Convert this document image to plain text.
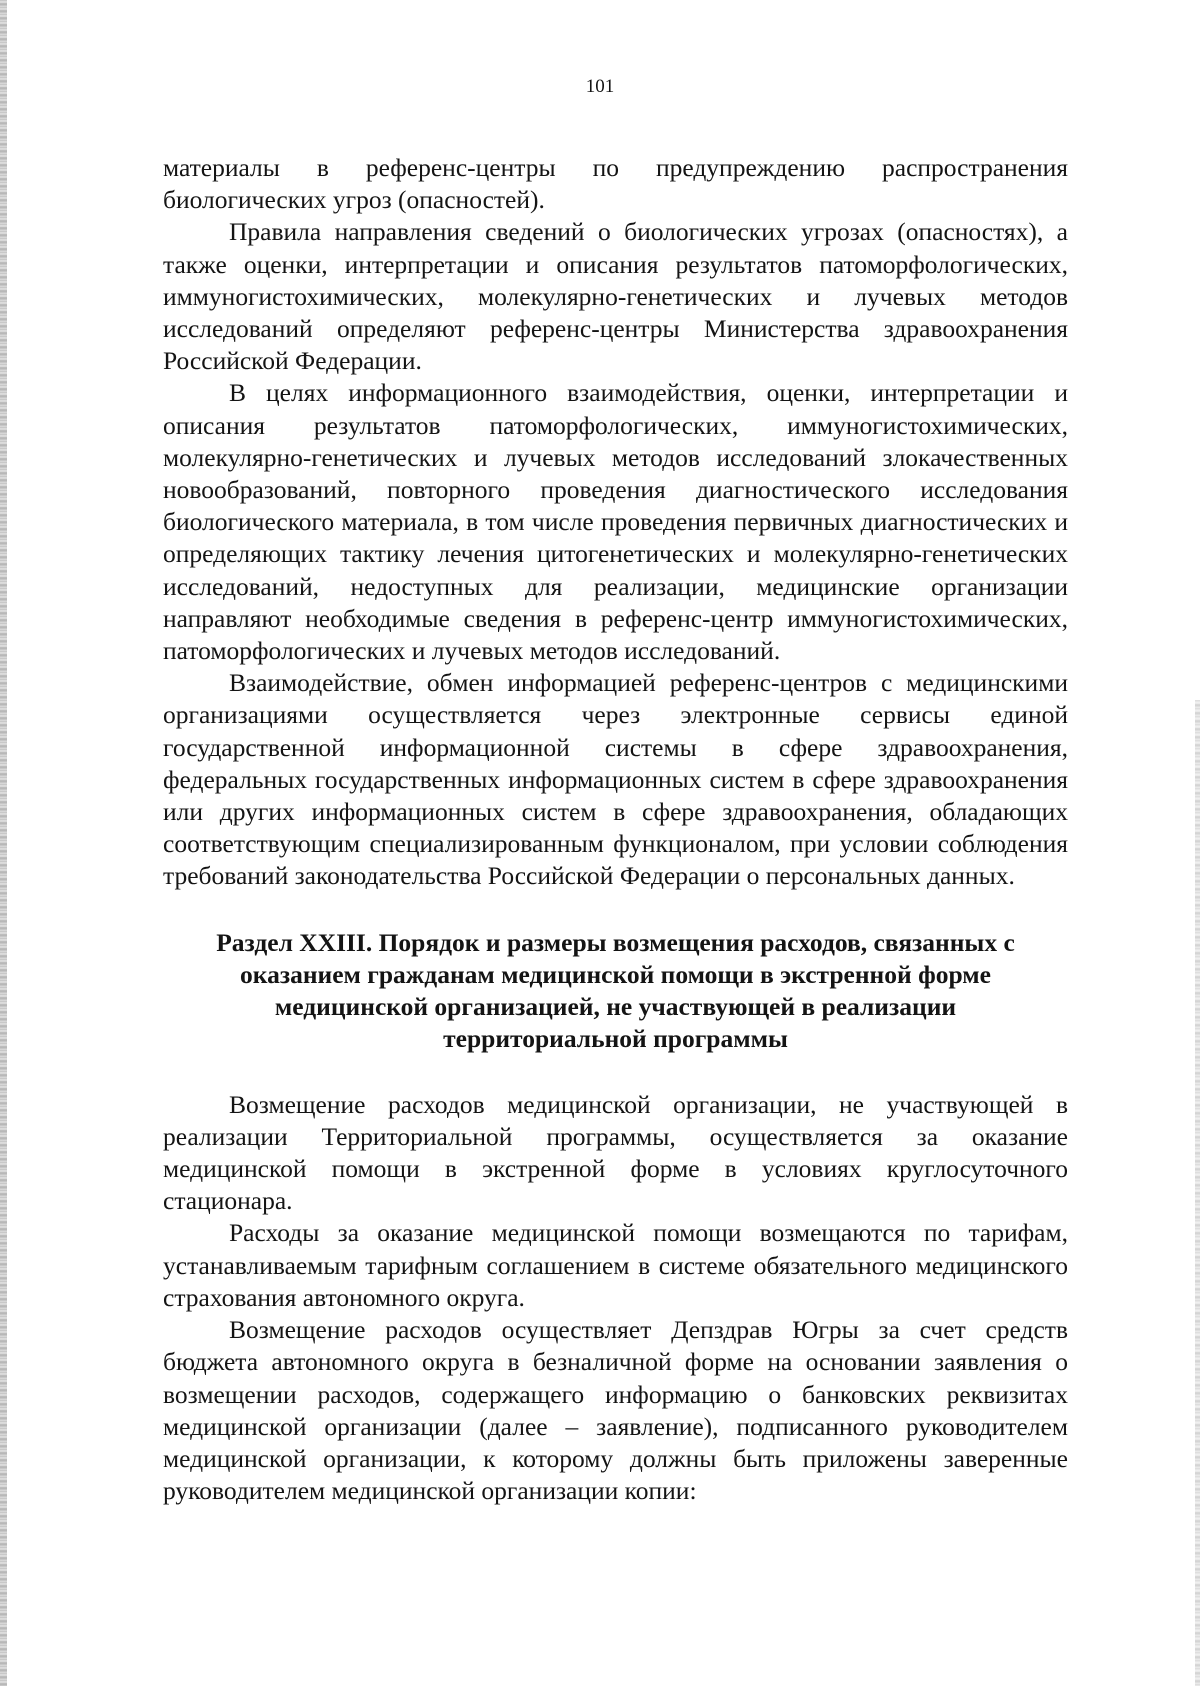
101

материалы в референс-центры по предупреждению распространения биологических угроз (опасностей).

Правила направления сведений о биологических угрозах (опасностях), а также оценки, интерпретации и описания результатов патоморфологических, иммуногистохимических, молекулярно-генетических и лучевых методов исследований определяют референс-центры Министерства здравоохранения Российской Федерации.

В целях информационного взаимодействия, оценки, интерпретации и описания результатов патоморфологических, иммуногистохимических, молекулярно-генетических и лучевых методов исследований злокачественных новообразований, повторного проведения диагностического исследования биологического материала, в том числе проведения первичных диагностических и определяющих тактику лечения цитогенетических и молекулярно-генетических исследований, недоступных для реализации, медицинские организации направляют необходимые сведения в референс-центр иммуногистохимических, патоморфологических и лучевых методов исследований.

Взаимодействие, обмен информацией референс-центров с медицинскими организациями осуществляется через электронные сервисы единой государственной информационной системы в сфере здравоохранения, федеральных государственных информационных систем в сфере здравоохранения или других информационных систем в сфере здравоохранения, обладающих соответствующим специализированным функционалом, при условии соблюдения требований законодательства Российской Федерации о персональных данных.

Раздел XXIII. Порядок и размеры возмещения расходов, связанных с оказанием гражданам медицинской помощи в экстренной форме медицинской организацией, не участвующей в реализации территориальной программы

Возмещение расходов медицинской организации, не участвующей в реализации Территориальной программы, осуществляется за оказание медицинской помощи в экстренной форме в условиях круглосуточного стационара.

Расходы за оказание медицинской помощи возмещаются по тарифам, устанавливаемым тарифным соглашением в системе обязательного медицинского страхования автономного округа.

Возмещение расходов осуществляет Депздрав Югры за счет средств бюджета автономного округа в безналичной форме на основании заявления о возмещении расходов, содержащего информацию о банковских реквизитах медицинской организации (далее – заявление), подписанного руководителем медицинской организации, к которому должны быть приложены заверенные руководителем медицинской организации копии:
